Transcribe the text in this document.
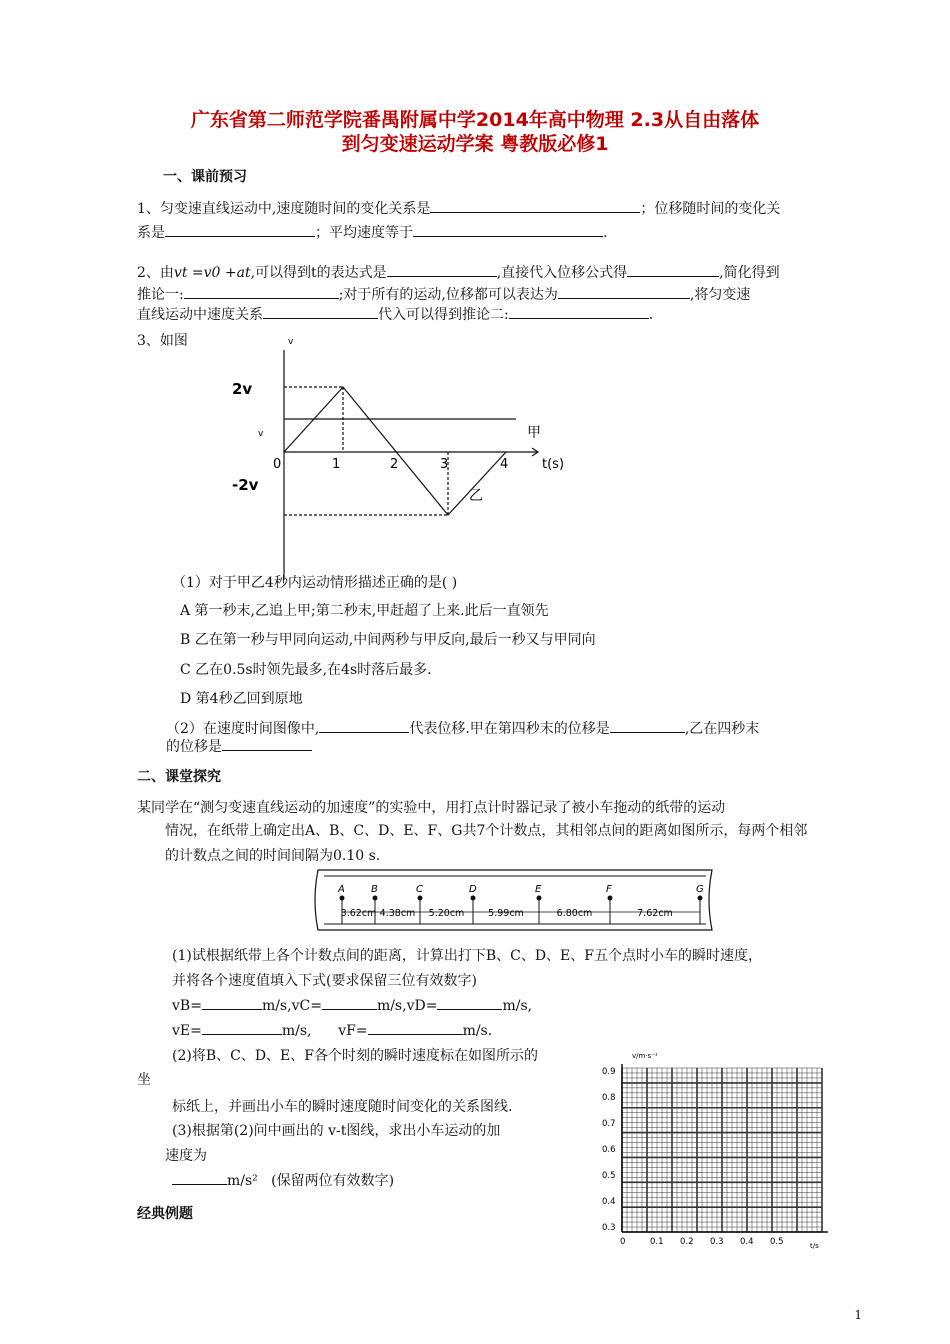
广东省第二师范学院番禺附属中学2014年高中物理 2.3从自由落体
到匀变速运动学案 粤教版必修1
一、课前预习
1、匀变速直线运动中,速度随时间的变化关系是	；位移随时间的变化关
系是	；平均速度等于	.
2、由vt =v0 +at,可以得到t的表达式是	,直接代入位移公式得	,简化得到
推论一:	;对于所有的运动,位移都可以表达为	,将匀变速
直线运动中速度关系	代入可以得到推论二:	.
3、如图	v
2v
v
-2v
0	1	2	3	4	t(s)
甲
乙
（1）对于甲乙4秒内运动情形描述正确的是( )
A 第一秒末,乙追上甲;第二秒末,甲赶超了上来.此后一直领先
B 乙在第一秒与甲同向运动,中间两秒与甲反向,最后一秒又与甲同向
C 乙在0.5s时领先最多,在4s时落后最多.
D 第4秒乙回到原地
（2）在速度时间图像中,	代表位移.甲在第四秒末的位移是	,乙在四秒末
的位移是
二、课堂探究
某同学在“测匀变速直线运动的加速度”的实验中，用打点计时器记录了被小车拖动的纸带的运动
情况，在纸带上确定出A、B、C、D、E、F、G共7个计数点，其相邻点间的距离如图所示，每两个相邻
的计数点之间的时间间隔为0.10 s.
A	B	C	D	E	F	G
3.62cm 4.38cm 5.20cm	5.99cm	6.80cm	7.62cm
(1)试根据纸带上各个计数点间的距离，计算出打下B、C、D、E、F五个点时小车的瞬时速度，
并将各个速度值填入下式(要求保留三位有效数字)
vB=	m/s,vC=	m/s,vD=	m/s,
vE=	m/s,      vF=	m/s.
(2)将B、C、D、E、F各个时刻的瞬时速度标在如图所示的
坐
标纸上，并画出小车的瞬时速度随时间变化的关系图线.
(3)根据第(2)问中画出的 v-t图线，求出小车运动的加
速度为
m/s² (保留两位有效数字)
经典例题
v/m·s⁻¹
t/s
0.9
0.8
0.7
0.6
0.5
0.4
0.3
0	0.1 0.2 0.3 0.4 0.5
1
